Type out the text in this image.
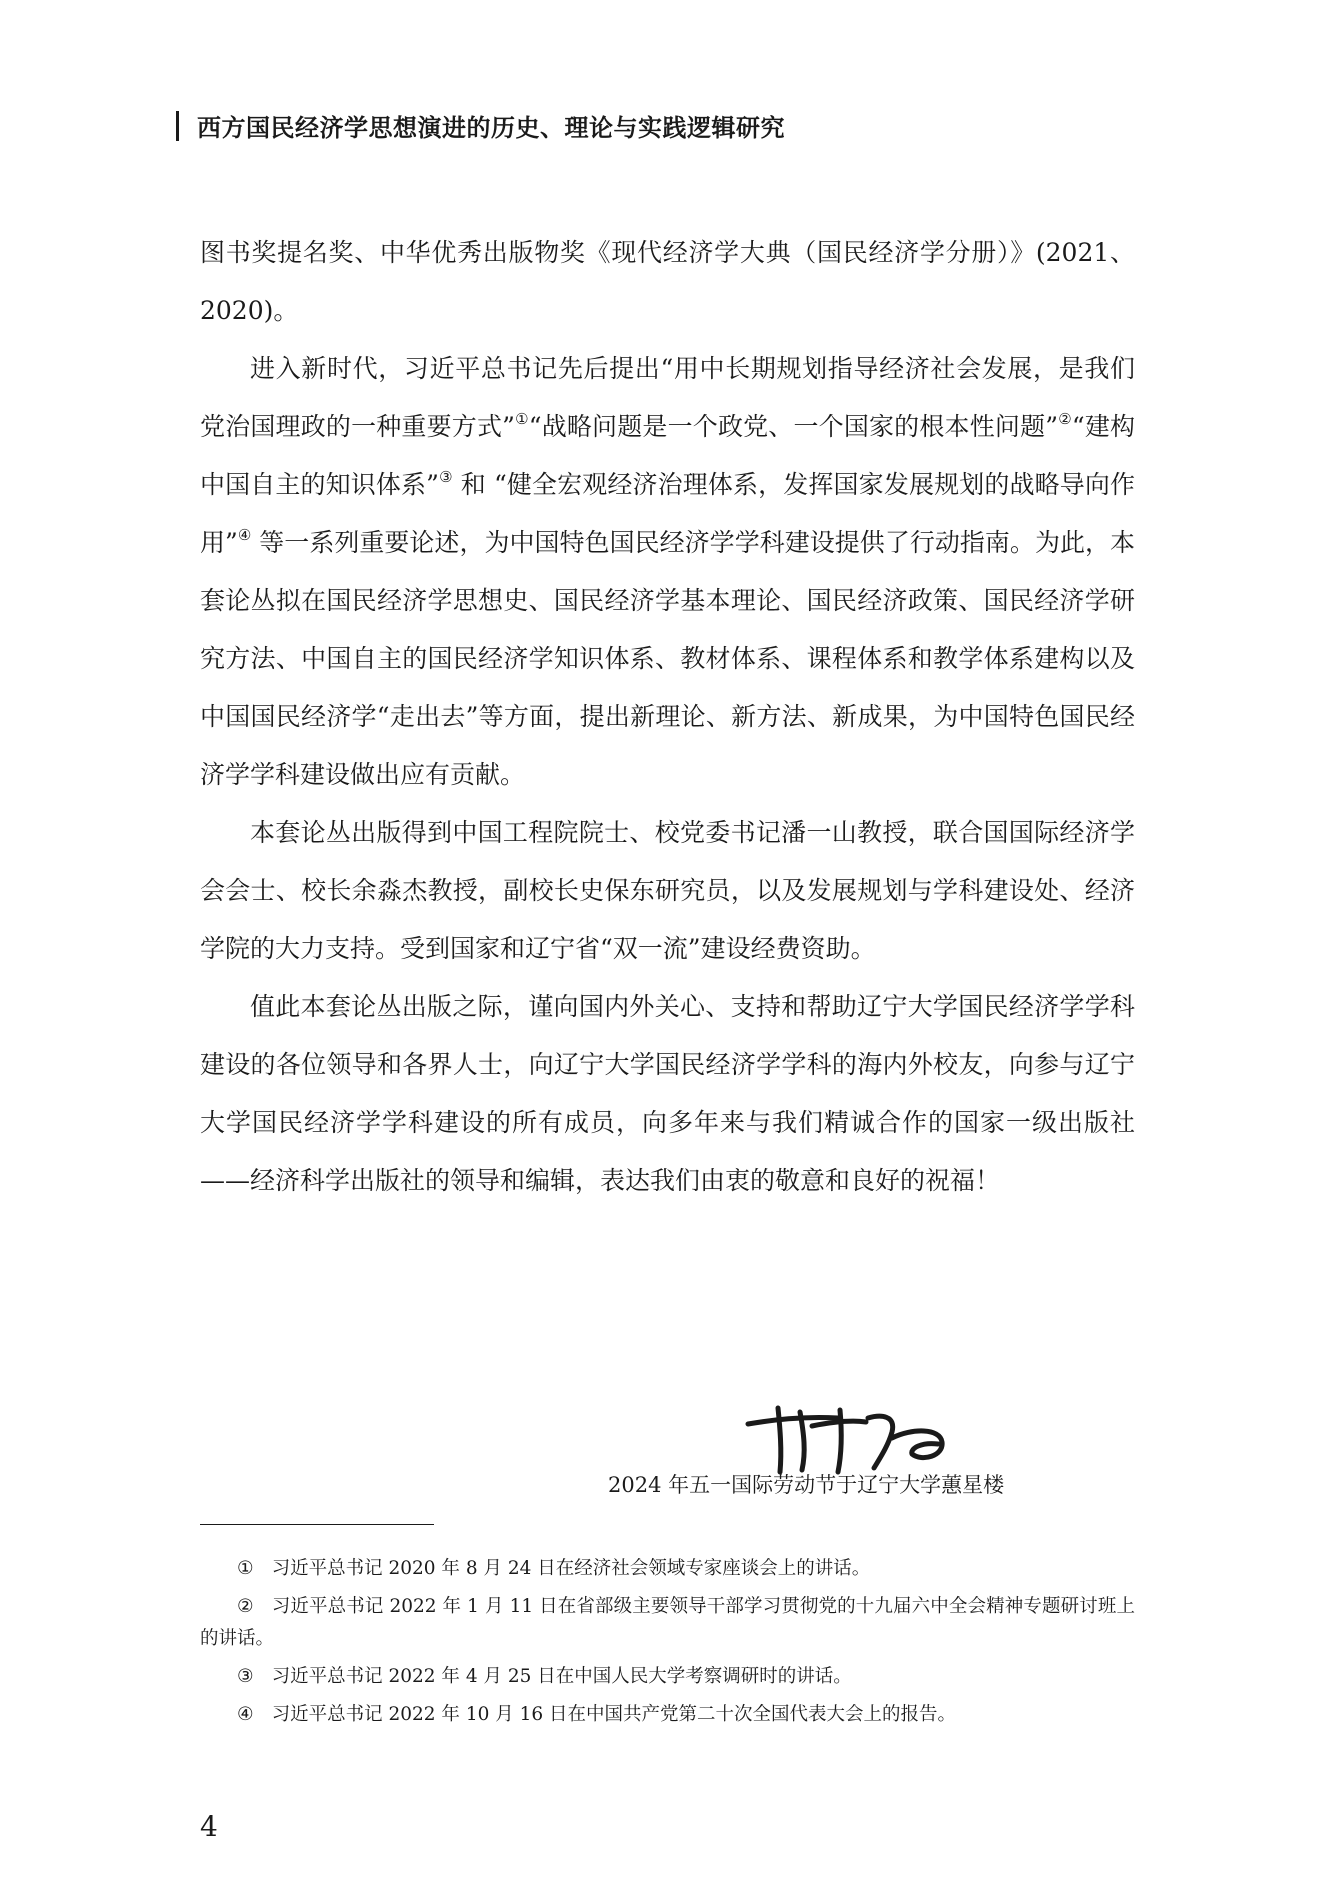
西方国民经济学思想演进的历史、理论与实践逻辑研究

图书奖提名奖、中华优秀出版物奖《现代经济学大典（国民经济学分册）》(2021、2020)。

进入新时代，习近平总书记先后提出“用中长期规划指导经济社会发展，是我们党治国理政的一种重要方式”①“战略问题是一个政党、一个国家的根本性问题”②“建构中国自主的知识体系”③ 和 “健全宏观经济治理体系，发挥国家发展规划的战略导向作用”④ 等一系列重要论述，为中国特色国民经济学学科建设提供了行动指南。为此，本套论丛拟在国民经济学思想史、国民经济学基本理论、国民经济政策、国民经济学研究方法、中国自主的国民经济学知识体系、教材体系、课程体系和教学体系建构以及中国国民经济学“走出去”等方面，提出新理论、新方法、新成果，为中国特色国民经济学学科建设做出应有贡献。

本套论丛出版得到中国工程院院士、校党委书记潘一山教授，联合国国际经济学会会士、校长余淼杰教授，副校长史保东研究员，以及发展规划与学科建设处、经济学院的大力支持。受到国家和辽宁省“双一流”建设经费资助。

值此本套论丛出版之际，谨向国内外关心、支持和帮助辽宁大学国民经济学学科建设的各位领导和各界人士，向辽宁大学国民经济学学科的海内外校友，向参与辽宁大学国民经济学学科建设的所有成员，向多年来与我们精诚合作的国家一级出版社——经济科学出版社的领导和编辑，表达我们由衷的敬意和良好的祝福！

2024 年五一国际劳动节于辽宁大学蕙星楼

① 习近平总书记 2020 年 8 月 24 日在经济社会领域专家座谈会上的讲话。

② 习近平总书记 2022 年 1 月 11 日在省部级主要领导干部学习贯彻党的十九届六中全会精神专题研讨班上的讲话。

③ 习近平总书记 2022 年 4 月 25 日在中国人民大学考察调研时的讲话。

④ 习近平总书记 2022 年 10 月 16 日在中国共产党第二十次全国代表大会上的报告。

4
